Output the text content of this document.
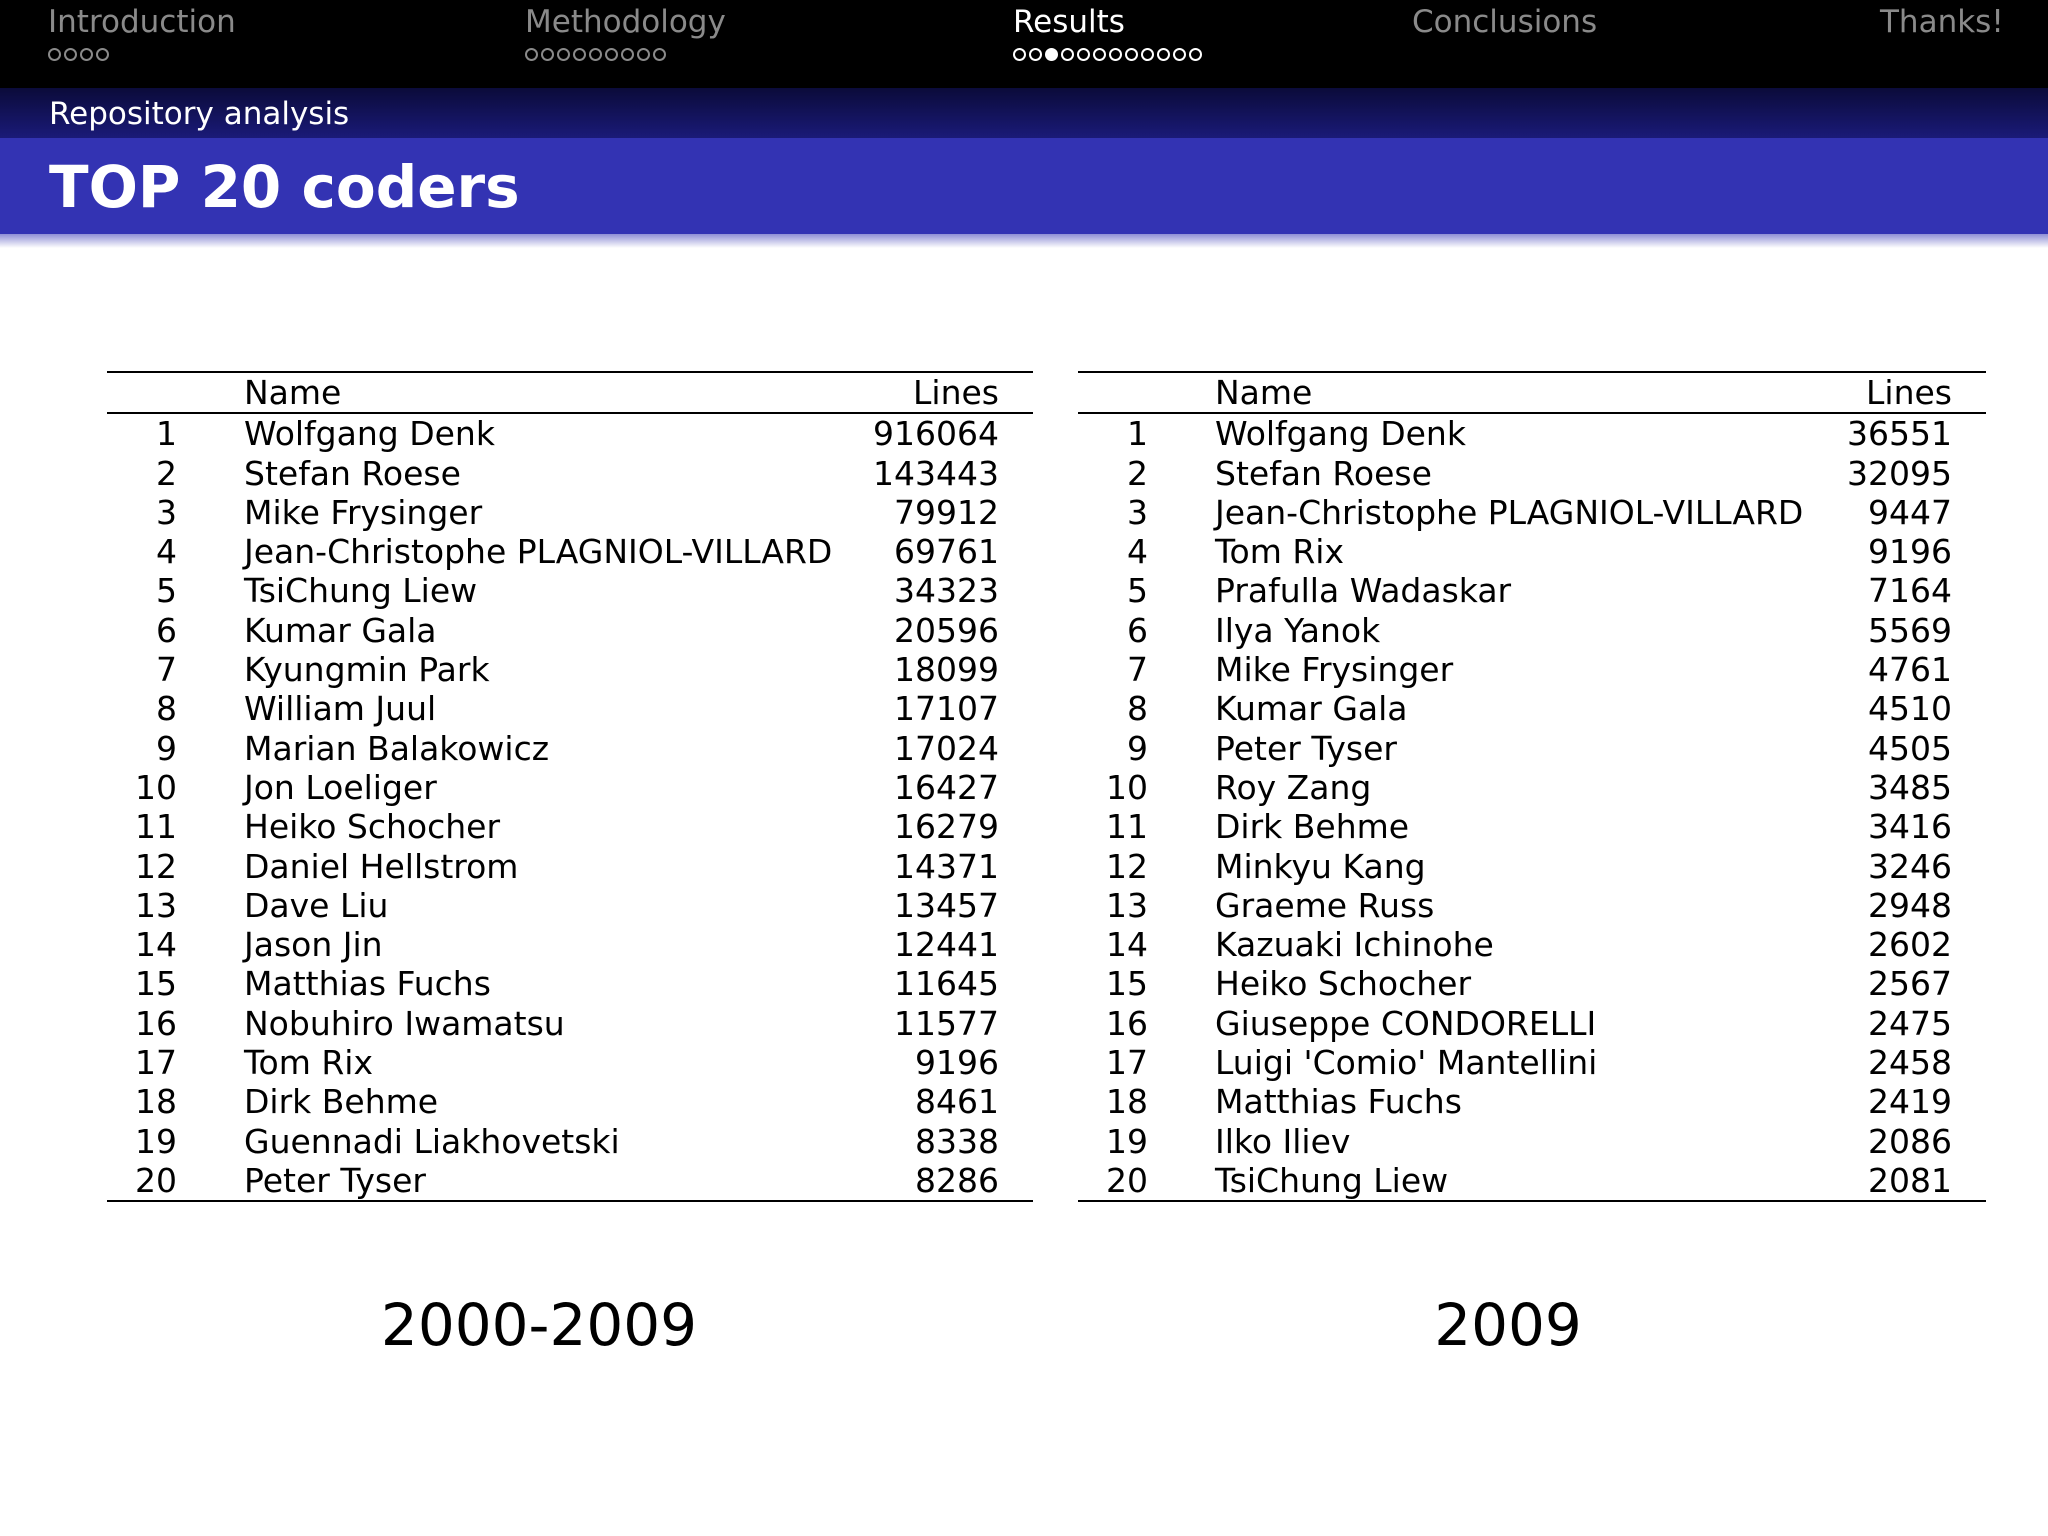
Introduction	Methodology	Results	Conclusions	Thanks!
Repository analysis
TOP 20 coders
	Name	Lines
1	Wolfgang Denk	916064
2	Stefan Roese	143443
3	Mike Frysinger	79912
4	Jean-Christophe PLAGNIOL-VILLARD	69761
5	TsiChung Liew	34323
6	Kumar Gala	20596
7	Kyungmin Park	18099
8	William Juul	17107
9	Marian Balakowicz	17024
10	Jon Loeliger	16427
11	Heiko Schocher	16279
12	Daniel Hellstrom	14371
13	Dave Liu	13457
14	Jason Jin	12441
15	Matthias Fuchs	11645
16	Nobuhiro Iwamatsu	11577
17	Tom Rix	9196
18	Dirk Behme	8461
19	Guennadi Liakhovetski	8338
20	Peter Tyser	8286
	Name	Lines
1	Wolfgang Denk	36551
2	Stefan Roese	32095
3	Jean-Christophe PLAGNIOL-VILLARD	9447
4	Tom Rix	9196
5	Prafulla Wadaskar	7164
6	Ilya Yanok	5569
7	Mike Frysinger	4761
8	Kumar Gala	4510
9	Peter Tyser	4505
10	Roy Zang	3485
11	Dirk Behme	3416
12	Minkyu Kang	3246
13	Graeme Russ	2948
14	Kazuaki Ichinohe	2602
15	Heiko Schocher	2567
16	Giuseppe CONDORELLI	2475
17	Luigi 'Comio' Mantellini	2458
18	Matthias Fuchs	2419
19	Ilko Iliev	2086
20	TsiChung Liew	2081
2000-2009	2009
